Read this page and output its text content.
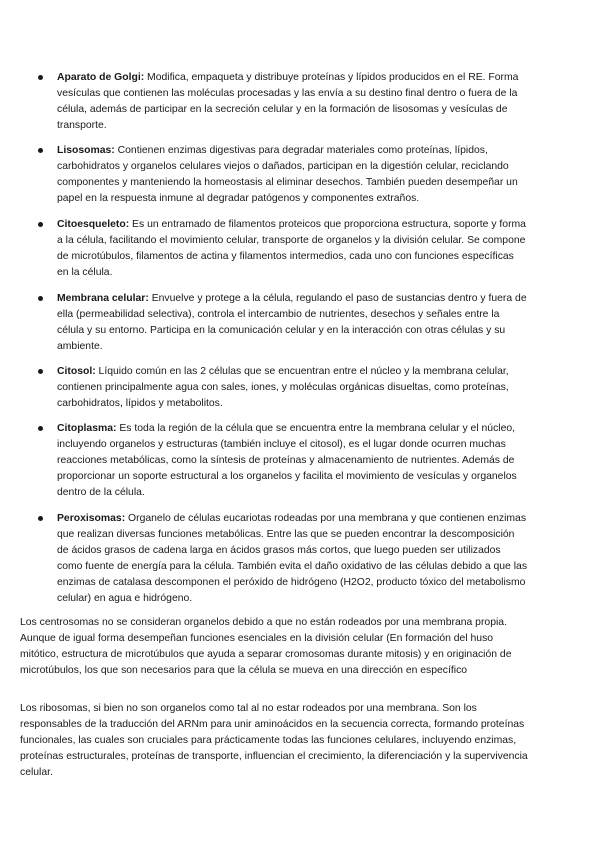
Aparato de Golgi: Modifica, empaqueta y distribuye proteínas y lípidos producidos en el RE. Forma vesículas que contienen las moléculas procesadas y las envía a su destino final dentro o fuera de la célula, además de participar en la secreción celular y en la formación de lisosomas y vesículas de transporte.

Lisosomas: Contienen enzimas digestivas para degradar materiales como proteínas, lípidos, carbohidratos y organelos celulares viejos o dañados, participan en la digestión celular, reciclando componentes y manteniendo la homeostasis al eliminar desechos. También pueden desempeñar un papel en la respuesta inmune al degradar patógenos y componentes extraños.

Citoesqueleto: Es un entramado de filamentos proteicos que proporciona estructura, soporte y forma a la célula, facilitando el movimiento celular, transporte de organelos y la división celular. Se compone de microtúbulos, filamentos de actina y filamentos intermedios, cada uno con funciones específicas en la célula.

Membrana celular: Envuelve y protege a la célula, regulando el paso de sustancias dentro y fuera de ella (permeabilidad selectiva), controla el intercambio de nutrientes, desechos y señales entre la célula y su entorno. Participa en la comunicación celular y en la interacción con otras células y su ambiente.

Citosol: Líquido común en las 2 células que se encuentran entre el núcleo y la membrana celular, contienen principalmente agua con sales, iones, y moléculas orgánicas disueltas, como proteínas, carbohidratos, lípidos y metabolitos.

Citoplasma: Es toda la región de la célula que se encuentra entre la membrana celular y el núcleo, incluyendo organelos y estructuras (también incluye el citosol), es el lugar donde ocurren muchas reacciones metabólicas, como la síntesis de proteínas y almacenamiento de nutrientes. Además de proporcionar un soporte estructural a los organelos y facilita el movimiento de vesículas y organelos dentro de la célula.

Peroxisomas: Organelo de células eucariotas rodeadas por una membrana y que contienen enzimas que realizan diversas funciones metabólicas. Entre las que se pueden encontrar la descomposición de ácidos grasos de cadena larga en ácidos grasos más cortos, que luego pueden ser utilizados como fuente de energía para la célula. También evita el daño oxidativo de las células debido a que las enzimas de catalasa descomponen el peróxido de hidrógeno (H2O2, producto tóxico del metabolismo celular) en agua e hidrógeno.

Los centrosomas no se consideran organelos debido a que no están rodeados por una membrana propia. Aunque de igual forma desempeñan funciones esenciales en la división celular (En formación del huso mitótico, estructura de microtúbulos que ayuda a separar cromosomas durante mitosis) y en originación de microtúbulos, los que son necesarios para que la célula se mueva en una dirección en específico

Los ribosomas, si bien no son organelos como tal al no estar rodeados por una membrana. Son los responsables de la traducción del ARNm para unir aminoácidos en la secuencia correcta, formando proteínas funcionales, las cuales son cruciales para prácticamente todas las funciones celulares, incluyendo enzimas, proteínas estructurales, proteínas de transporte, influencian el crecimiento, la diferenciación y la supervivencia celular.
